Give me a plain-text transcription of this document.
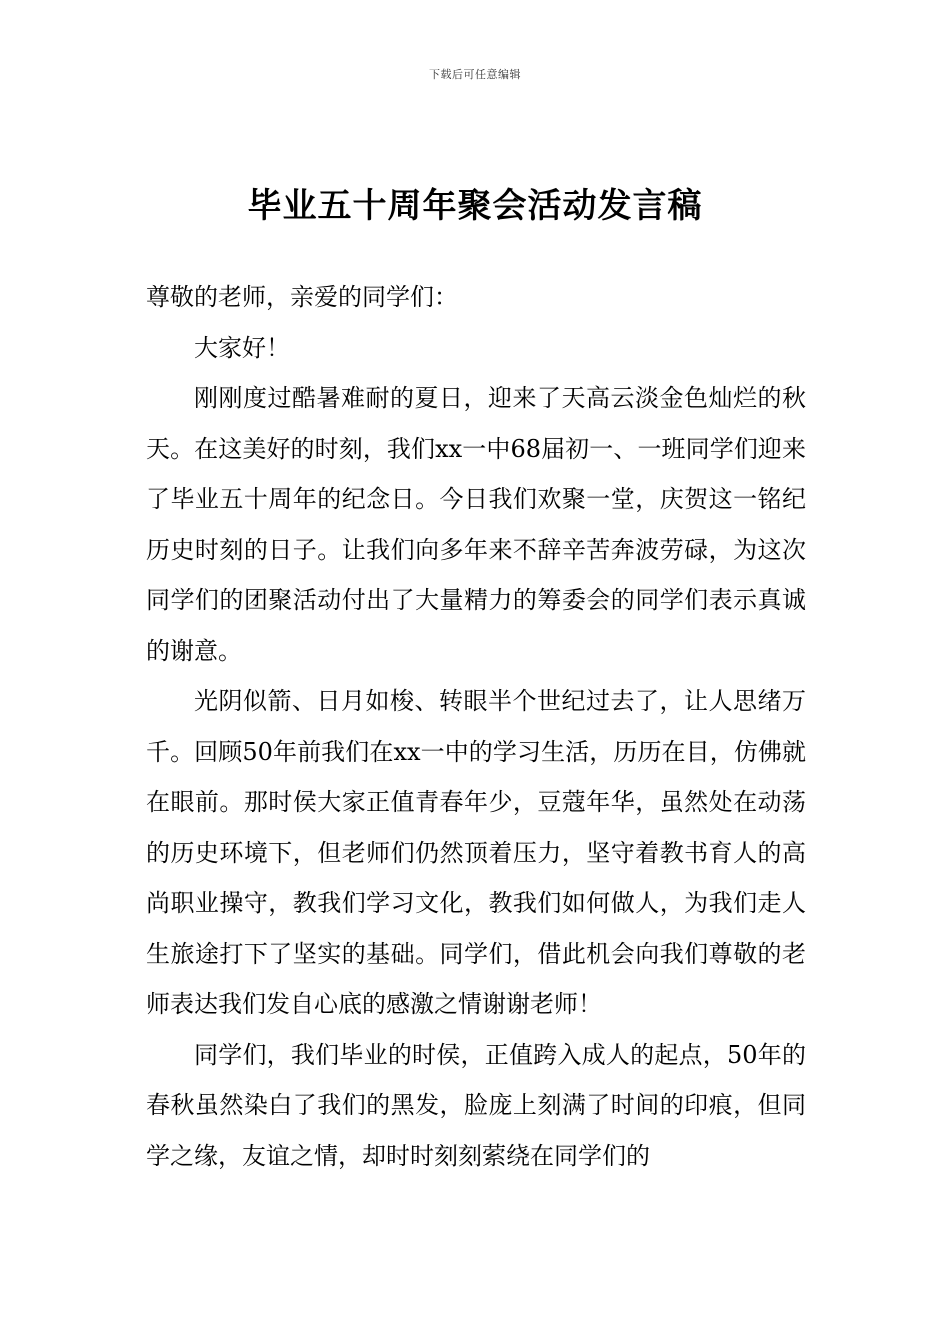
下载后可任意编辑
毕业五十周年聚会活动发言稿

尊敬的老师，亲爱的同学们：

大家好！

刚刚度过酷暑难耐的夏日，迎来了天高云淡金色灿烂的秋天。在这美好的时刻，我们xx一中68届初一、一班同学们迎来了毕业五十周年的纪念日。今日我们欢聚一堂，庆贺这一铭纪历史时刻的日子。让我们向多年来不辞辛苦奔波劳碌，为这次同学们的团聚活动付出了大量精力的筹委会的同学们表示真诚的谢意。

光阴似箭、日月如梭、转眼半个世纪过去了，让人思绪万千。回顾50年前我们在xx一中的学习生活，历历在目，仿佛就在眼前。那时侯大家正值青春年少，豆蔻年华，虽然处在动荡的历史环境下，但老师们仍然顶着压力，坚守着教书育人的高尚职业操守，教我们学习文化，教我们如何做人，为我们走人生旅途打下了坚实的基础。同学们，借此机会向我们尊敬的老师表达我们发自心底的感激之情谢谢老师！

同学们，我们毕业的时侯，正值跨入成人的起点，50年的春秋虽然染白了我们的黑发，脸庞上刻满了时间的印痕，但同学之缘，友谊之情，却时时刻刻萦绕在同学们的
